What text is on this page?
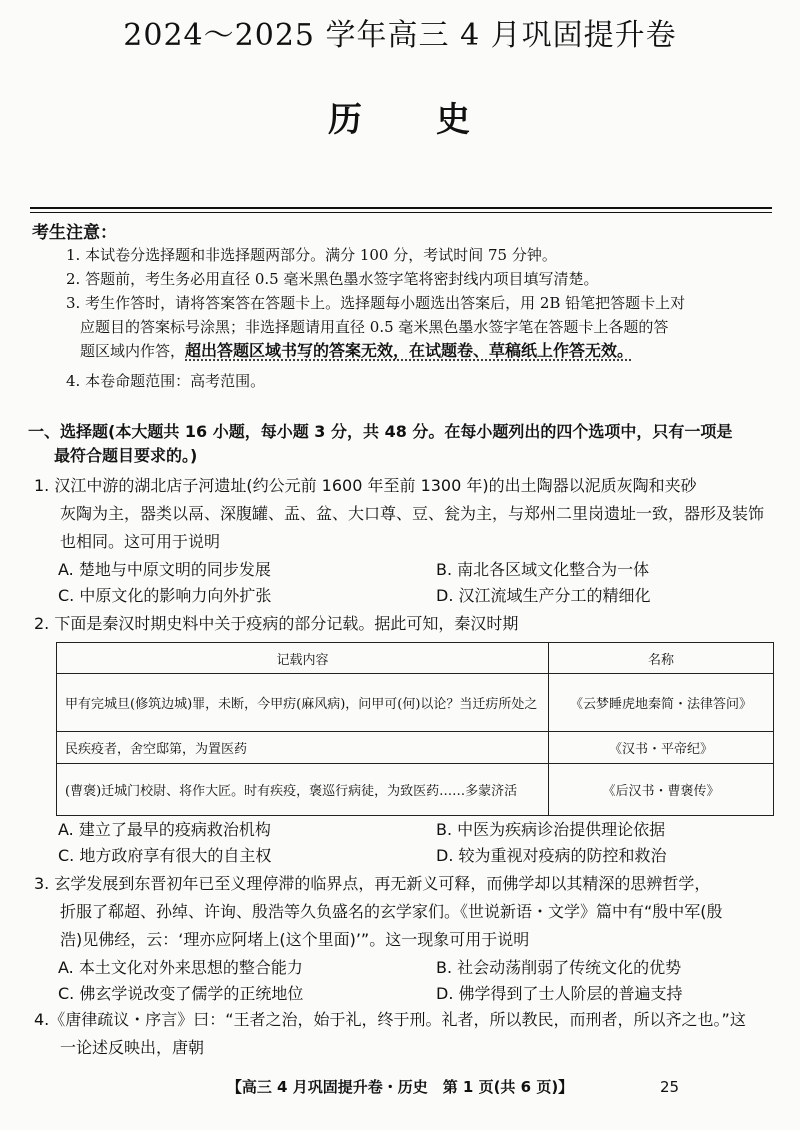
2024～2025 学年高三 4 月巩固提升卷
历　　史
考生注意：
1. 本试卷分选择题和非选择题两部分。满分 100 分，考试时间 75 分钟。
2. 答题前，考生务必用直径 0.5 毫米黑色墨水签字笔将密封线内项目填写清楚。
3. 考生作答时，请将答案答在答题卡上。选择题每小题选出答案后，用 2B 铅笔把答题卡上对
应题目的答案标号涂黑；非选择题请用直径 0.5 毫米黑色墨水签字笔在答题卡上各题的答
题区域内作答，超出答题区域书写的答案无效，在试题卷、草稿纸上作答无效。
4. 本卷命题范围：高考范围。
一、选择题(本大题共 16 小题，每小题 3 分，共 48 分。在每小题列出的四个选项中，只有一项是
最符合题目要求的。)
1. 汉江中游的湖北店子河遗址(约公元前 1600 年至前 1300 年)的出土陶器以泥质灰陶和夹砂
灰陶为主，器类以鬲、深腹罐、盂、盆、大口尊、豆、瓮为主，与郑州二里岗遗址一致，器形及装饰
也相同。这可用于说明
A. 楚地与中原文明的同步发展	B. 南北各区域文化整合为一体
C. 中原文化的影响力向外扩张	D. 汉江流域生产分工的精细化
2. 下面是秦汉时期史料中关于疫病的部分记载。据此可知，秦汉时期
记载内容	名称
甲有完城旦(修筑边城)罪，未断，今甲疠(麻风病)，问甲可(何)以论？当迁疠所处之	《云梦睡虎地秦简・法律答问》
民疾疫者，舍空邸第，为置医药	《汉书・平帝纪》
(曹褒)迁城门校尉、将作大匠。时有疾疫，褒巡行病徒，为致医药……多蒙济活	《后汉书・曹褒传》
A. 建立了最早的疫病救治机构	B. 中医为疾病诊治提供理论依据
C. 地方政府享有很大的自主权	D. 较为重视对疫病的防控和救治
3. 玄学发展到东晋初年已至义理停滞的临界点，再无新义可释，而佛学却以其精深的思辨哲学，
折服了郗超、孙绰、许询、殷浩等久负盛名的玄学家们。《世说新语・文学》篇中有“殷中军(殷
浩)见佛经，云：‘理亦应阿堵上(这个里面)’”。这一现象可用于说明
A. 本土文化对外来思想的整合能力	B. 社会动荡削弱了传统文化的优势
C. 佛玄学说改变了儒学的正统地位	D. 佛学得到了士人阶层的普遍支持
4.《唐律疏议・序言》曰：“王者之治，始于礼，终于刑。礼者，所以教民，而刑者，所以齐之也。”这
一论述反映出，唐朝
【高三 4 月巩固提升卷・历史　第 1 页(共 6 页)】	25
